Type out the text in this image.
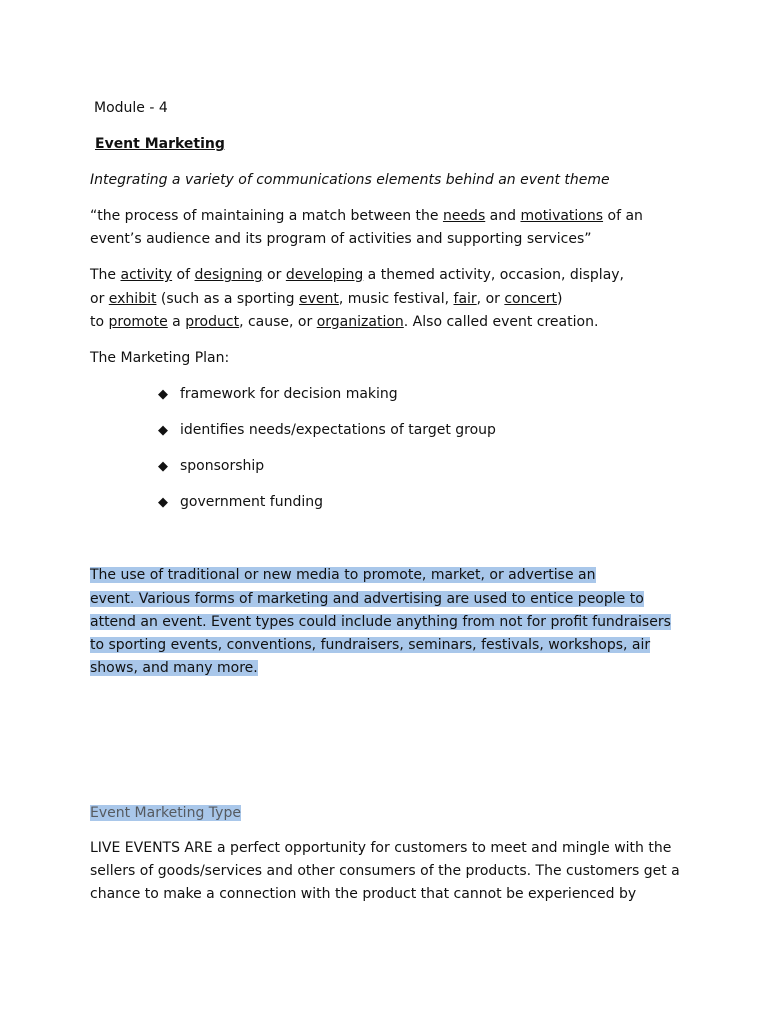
Module - 4
Event Marketing
Integrating a variety of communications elements behind an event theme
“the process of maintaining a match between the needs and motivations of an
event’s audience and its program of activities and supporting services”
The activity of designing or developing a themed activity, occasion, display,
or exhibit (such as a sporting event, music festival, fair, or concert)
to promote a product, cause, or organization. Also called event creation.
The Marketing Plan:
◆ framework for decision making
◆ identifies needs/expectations of target group
◆ sponsorship
◆ government funding
The use of traditional or new media to promote, market, or advertise an
event. Various forms of marketing and advertising are used to entice people to
attend an event. Event types could include anything from not for profit fundraisers
to sporting events, conventions, fundraisers, seminars, festivals, workshops, air
shows, and many more.
Event Marketing Type
LIVE EVENTS ARE a perfect opportunity for customers to meet and mingle with the
sellers of goods/services and other consumers of the products. The customers get a
chance to make a connection with the product that cannot be experienced by
